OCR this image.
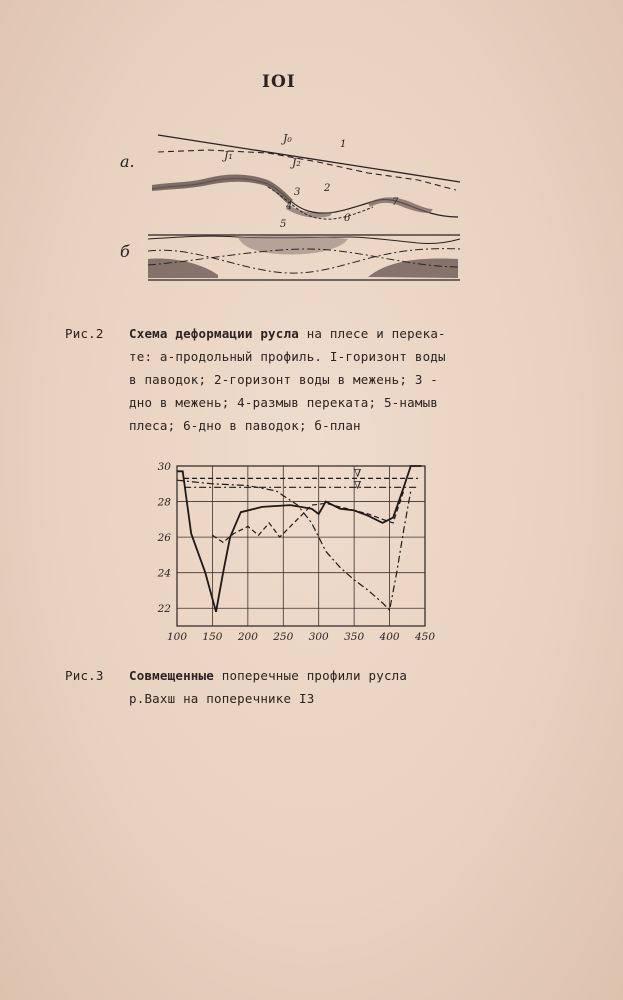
IOI
а.
J₀	1
J₁
J₂
2
3
4
5
6
7
б
Рис.2 Схема деформации русла на плесе и перека-
те: а-продольный профиль. I-горизонт воды
в паводок; 2-горизонт воды в межень; 3 -
дно в межень; 4-размыв переката; 5-намыв
плеса; 6-дно в паводок; б-план
∇
∇
100 150 200 250 300 350 400 450
22
24
26
28
30
Рис.3 Совмещенные поперечные профили русла
р.Вахш на поперечнике I3
